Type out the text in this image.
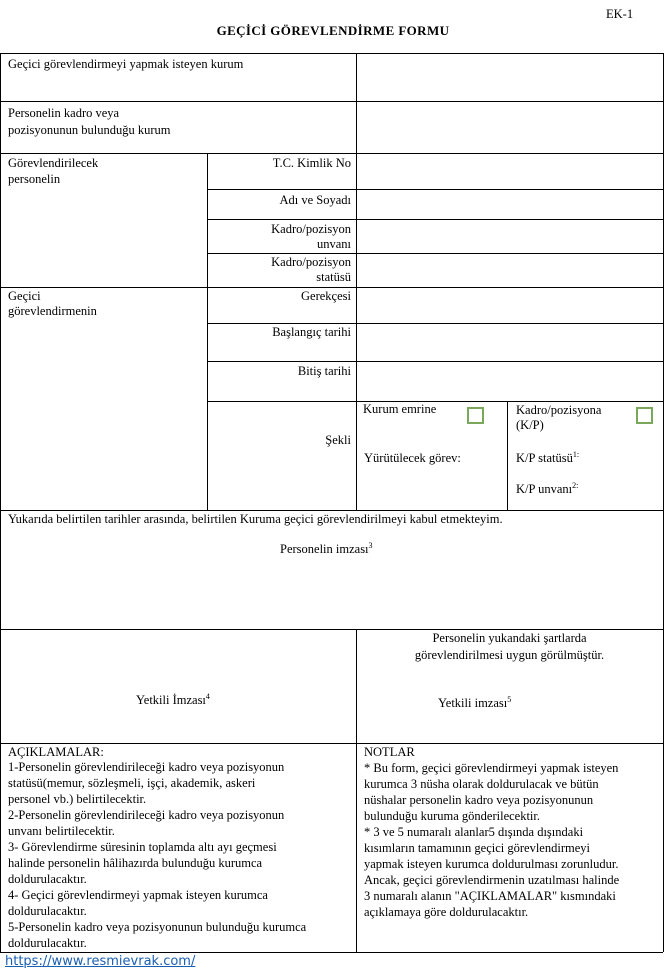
EK-1
GEÇİCİ GÖREVLENDİRME FORMU
Geçici görevlendirmeyi yapmak isteyen kurum
Personelin kadro veya
pozisyonunun bulunduğu kurum
Görevlendirilecek
personelin
T.C. Kimlik No
Adı ve Soyadı
Kadro/pozisyon
unvanı
Kadro/pozisyon
statüsü
Geçici
görevlendirmenin
Gerekçesi
Başlangıç tarihi
Bitiş tarihi
Şekli
Kurum emrine
Yürütülecek görev:
Kadro/pozisyona
(K/P)
K/P statüsü$^{1:}$
K/P unvanı$^{2:}$
Yukarıda belirtilen tarihler arasında, belirtilen Kuruma geçici görevlendirilmeyi kabul etmekteyim.
Personelin imzası$^3$
Yetkili İmzası$^4$
Personelin yukandaki şartlarda
görevlendirilmesi uygun görülmüştür.
Yetkili imzası$^5$
AÇIKLAMALAR:
1-Personelin görevlendirileceği kadro veya pozisyonun
statüsü(memur, sözleşmeli, işçi, akademik, askeri
personel vb.) belirtilecektir.
2-Personelin görevlendirileceği kadro veya pozisyonun
unvanı belirtilecektir.
3- Görevlendirme süresinin toplamda altı ayı geçmesi
halinde personelin hâlihazırda bulunduğu kurumca
doldurulacaktır.
4- Geçici görevlendirmeyi yapmak isteyen kurumca
doldurulacaktır.
5-Personelin kadro veya pozisyonunun bulunduğu kurumca
doldurulacaktır.
NOTLAR
* Bu form, geçici görevlendirmeyi yapmak isteyen
kurumca 3 nüsha olarak doldurulacak ve bütün
nüshalar personelin kadro veya pozisyonunun
bulunduğu kuruma gönderilecektir.
* 3 ve 5 numaralı alanlar5 dışında dışındaki
kısımların tamamının geçici görevlendirmeyi
yapmak isteyen kurumca doldurulması zorunludur.
Ancak, geçici görevlendirmenin uzatılması halinde
3 numaralı alanın "AÇIKLAMALAR" kısmındaki
açıklamaya göre doldurulacaktır.
https://www.resmievrak.com/
